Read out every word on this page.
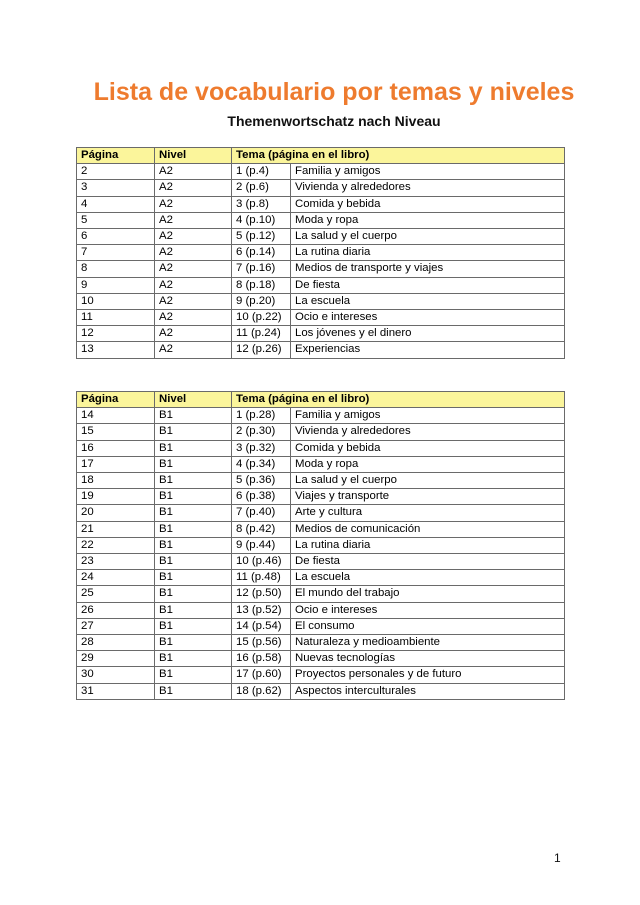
Lista de vocabulario por temas y niveles
Themenwortschatz nach Niveau
Página	Nivel	Tema (página en el libro)	
2	A2	1 (p.4)	Familia y amigos
3	A2	2 (p.6)	Vivienda y alrededores
4	A2	3 (p.8)	Comida y bebida
5	A2	4 (p.10)	Moda y ropa
6	A2	5 (p.12)	La salud y el cuerpo
7	A2	6 (p.14)	La rutina diaria
8	A2	7 (p.16)	Medios de transporte y viajes
9	A2	8 (p.18)	De fiesta
10	A2	9 (p.20)	La escuela
11	A2	10 (p.22)	Ocio e intereses
12	A2	11 (p.24)	Los jóvenes y el dinero
13	A2	12 (p.26)	Experiencias
Página	Nivel	Tema (página en el libro)	
14	B1	1 (p.28)	Familia y amigos
15	B1	2 (p.30)	Vivienda y alrededores
16	B1	3 (p.32)	Comida y bebida
17	B1	4 (p.34)	Moda y ropa
18	B1	5 (p.36)	La salud y el cuerpo
19	B1	6 (p.38)	Viajes y transporte
20	B1	7 (p.40)	Arte y cultura
21	B1	8 (p.42)	Medios de comunicación
22	B1	9 (p.44)	La rutina diaria
23	B1	10 (p.46)	De fiesta
24	B1	11 (p.48)	La escuela
25	B1	12 (p.50)	El mundo del trabajo
26	B1	13 (p.52)	Ocio e intereses
27	B1	14 (p.54)	El consumo
28	B1	15 (p.56)	Naturaleza y medioambiente
29	B1	16 (p.58)	Nuevas tecnologías
30	B1	17 (p.60)	Proyectos personales y de futuro
31	B1	18 (p.62)	Aspectos interculturales
1
